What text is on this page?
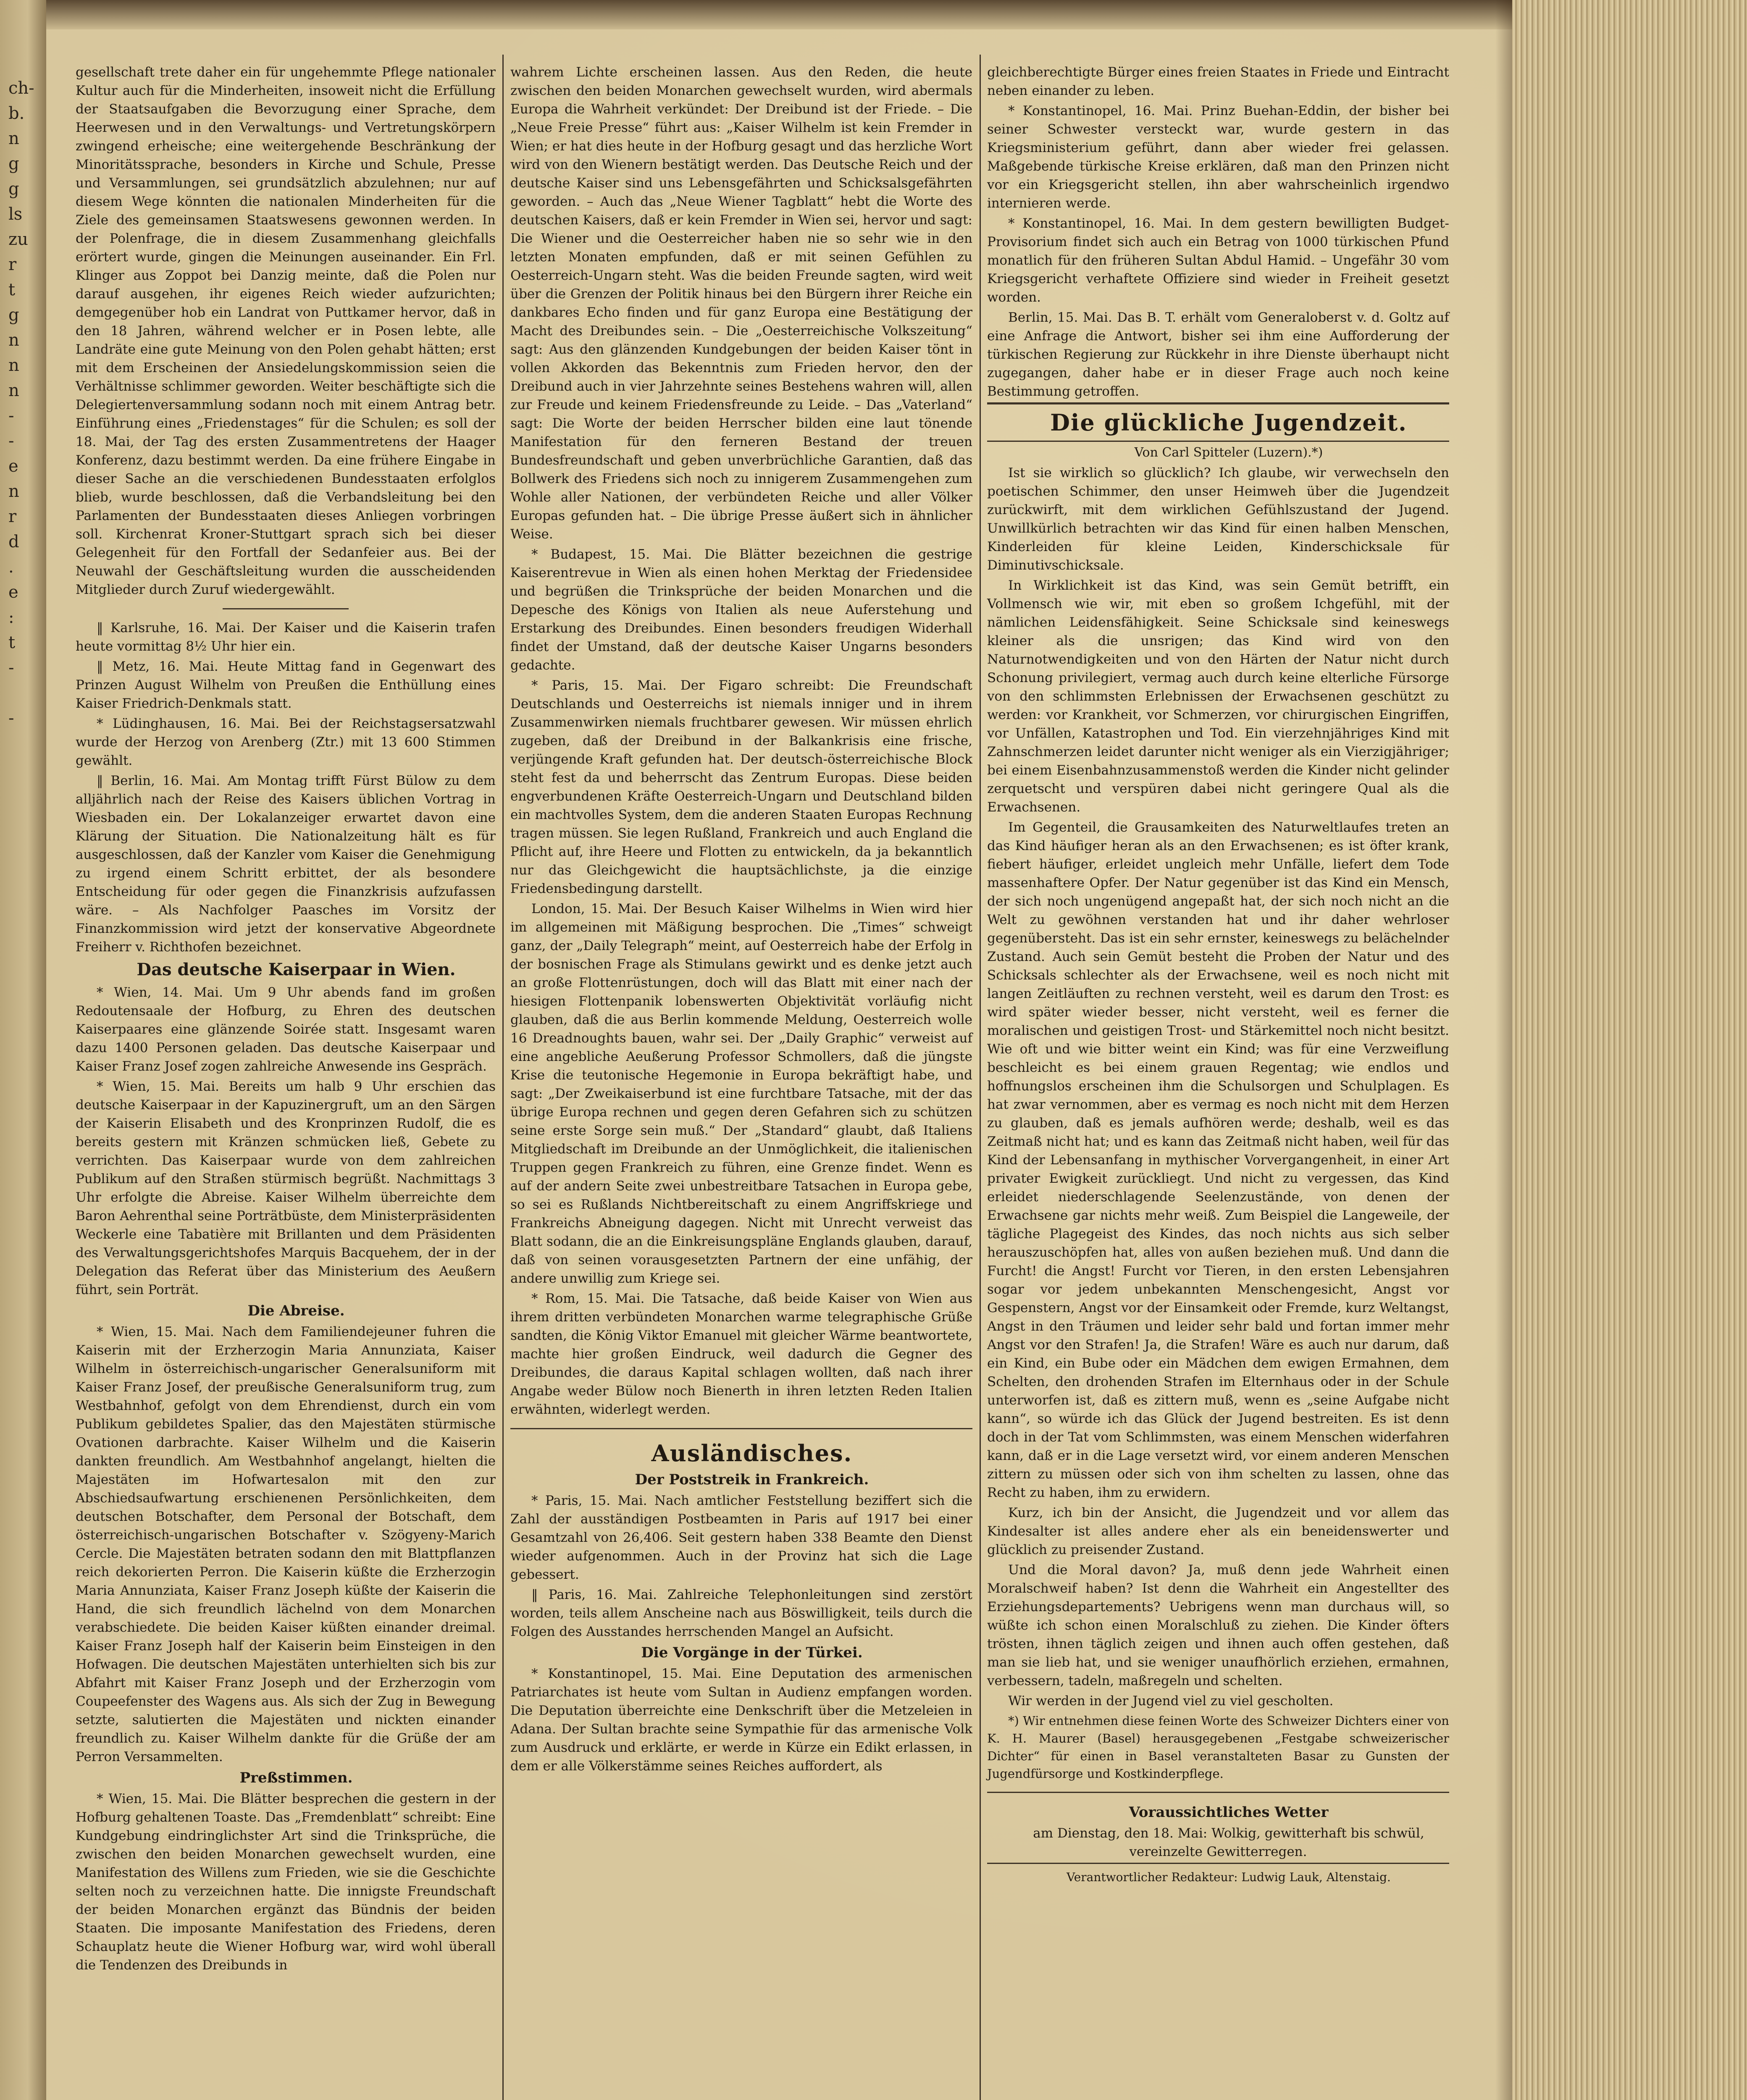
ch-
b.
n
g
g
ls
zu
r
t
g
n
n
n
-
-
e
n
r
d
.
e
:
t
-

-

gesellschaft trete daher ein für ungehemmte Pflege nationaler Kultur auch für die Minderheiten, insoweit nicht die Erfüllung der Staatsaufgaben die Bevorzugung einer Sprache, dem Heerwesen und in den Verwaltungs- und Vertretungskörpern zwingend erheische; eine weitergehende Beschränkung der Minoritätssprache, besonders in Kirche und Schule, Presse und Versammlungen, sei grundsätzlich abzulehnen; nur auf diesem Wege könnten die nationalen Minderheiten für die Ziele des gemeinsamen Staatswesens gewonnen werden. In der Polenfrage, die in diesem Zusammenhang gleichfalls erörtert wurde, gingen die Meinungen auseinander. Ein Frl. Klinger aus Zoppot bei Danzig meinte, daß die Polen nur darauf ausgehen, ihr eigenes Reich wieder aufzurichten; demgegenüber hob ein Landrat von Puttkamer hervor, daß in den 18 Jahren, während welcher er in Posen lebte, alle Landräte eine gute Meinung von den Polen gehabt hätten; erst mit dem Erscheinen der Ansiedelungskommission seien die Verhältnisse schlimmer geworden. Weiter beschäftigte sich die Delegiertenversammlung sodann noch mit einem Antrag betr. Einführung eines „Friedenstages“ für die Schulen; es soll der 18. Mai, der Tag des ersten Zusammentretens der Haager Konferenz, dazu bestimmt werden. Da eine frühere Eingabe in dieser Sache an die verschiedenen Bundesstaaten erfolglos blieb, wurde beschlossen, daß die Verbandsleitung bei den Parlamenten der Bundesstaaten dieses Anliegen vorbringen soll. Kirchenrat Kroner-Stuttgart sprach sich bei dieser Gelegenheit für den Fortfall der Sedanfeier aus. Bei der Neuwahl der Geschäftsleitung wurden die ausscheidenden Mitglieder durch Zuruf wiedergewählt.

‖ Karlsruhe, 16. Mai. Der Kaiser und die Kaiserin trafen heute vormittag 8½ Uhr hier ein.

‖ Metz, 16. Mai. Heute Mittag fand in Gegenwart des Prinzen August Wilhelm von Preußen die Enthüllung eines Kaiser Friedrich-Denkmals statt.

* Lüdinghausen, 16. Mai. Bei der Reichstagsersatzwahl wurde der Herzog von Arenberg (Ztr.) mit 13 600 Stimmen gewählt.

‖ Berlin, 16. Mai. Am Montag trifft Fürst Bülow zu dem alljährlich nach der Reise des Kaisers üblichen Vortrag in Wiesbaden ein. Der Lokalanzeiger erwartet davon eine Klärung der Situation. Die Nationalzeitung hält es für ausgeschlossen, daß der Kanzler vom Kaiser die Genehmigung zu irgend einem Schritt erbittet, der als besondere Entscheidung für oder gegen die Finanzkrisis aufzufassen wäre. – Als Nachfolger Paasches im Vorsitz der Finanzkommission wird jetzt der konservative Abgeordnete Freiherr v. Richthofen bezeichnet.

Das deutsche Kaiserpaar in Wien.

* Wien, 14. Mai. Um 9 Uhr abends fand im großen Redoutensaale der Hofburg, zu Ehren des deutschen Kaiserpaares eine glänzende Soirée statt. Insgesamt waren dazu 1400 Personen geladen. Das deutsche Kaiserpaar und Kaiser Franz Josef zogen zahlreiche Anwesende ins Gespräch.

* Wien, 15. Mai. Bereits um halb 9 Uhr erschien das deutsche Kaiserpaar in der Kapuzinergruft, um an den Särgen der Kaiserin Elisabeth und des Kronprinzen Rudolf, die es bereits gestern mit Kränzen schmücken ließ, Gebete zu verrichten. Das Kaiserpaar wurde von dem zahlreichen Publikum auf den Straßen stürmisch begrüßt. Nachmittags 3 Uhr erfolgte die Abreise. Kaiser Wilhelm überreichte dem Baron Aehrenthal seine Porträtbüste, dem Ministerpräsidenten Weckerle eine Tabatière mit Brillanten und dem Präsidenten des Verwaltungsgerichtshofes Marquis Bacquehem, der in der Delegation das Referat über das Ministerium des Aeußern führt, sein Porträt.

Die Abreise.

* Wien, 15. Mai. Nach dem Familiendejeuner fuhren die Kaiserin mit der Erzherzogin Maria Annunziata, Kaiser Wilhelm in österreichisch-ungarischer Generalsuniform mit Kaiser Franz Josef, der preußische Generalsuniform trug, zum Westbahnhof, gefolgt von dem Ehrendienst, durch ein vom Publikum gebildetes Spalier, das den Majestäten stürmische Ovationen darbrachte. Kaiser Wilhelm und die Kaiserin dankten freundlich. Am Westbahnhof angelangt, hielten die Majestäten im Hofwartesalon mit den zur Abschiedsaufwartung erschienenen Persönlichkeiten, dem deutschen Botschafter, dem Personal der Botschaft, dem österreichisch-ungarischen Botschafter v. Szögyeny-Marich Cercle. Die Majestäten betraten sodann den mit Blattpflanzen reich dekorierten Perron. Die Kaiserin küßte die Erzherzogin Maria Annunziata, Kaiser Franz Joseph küßte der Kaiserin die Hand, die sich freundlich lächelnd von dem Monarchen verabschiedete. Die beiden Kaiser küßten einander dreimal. Kaiser Franz Joseph half der Kaiserin beim Einsteigen in den Hofwagen. Die deutschen Majestäten unterhielten sich bis zur Abfahrt mit Kaiser Franz Joseph und der Erzherzogin vom Coupeefenster des Wagens aus. Als sich der Zug in Bewegung setzte, salutierten die Majestäten und nickten einander freundlich zu. Kaiser Wilhelm dankte für die Grüße der am Perron Versammelten.

Preßstimmen.

* Wien, 15. Mai. Die Blätter besprechen die gestern in der Hofburg gehaltenen Toaste. Das „Fremdenblatt“ schreibt: Eine Kundgebung eindringlichster Art sind die Trinksprüche, die zwischen den beiden Monarchen gewechselt wurden, eine Manifestation des Willens zum Frieden, wie sie die Geschichte selten noch zu verzeichnen hatte. Die innigste Freundschaft der beiden Monarchen ergänzt das Bündnis der beiden Staaten. Die imposante Manifestation des Friedens, deren Schauplatz heute die Wiener Hofburg war, wird wohl überall die Tendenzen des Dreibunds in

wahrem Lichte erscheinen lassen. Aus den Reden, die heute zwischen den beiden Monarchen gewechselt wurden, wird abermals Europa die Wahrheit verkündet: Der Dreibund ist der Friede. – Die „Neue Freie Presse“ führt aus: „Kaiser Wilhelm ist kein Fremder in Wien; er hat dies heute in der Hofburg gesagt und das herzliche Wort wird von den Wienern bestätigt werden. Das Deutsche Reich und der deutsche Kaiser sind uns Lebensgefährten und Schicksalsgefährten geworden. – Auch das „Neue Wiener Tagblatt“ hebt die Worte des deutschen Kaisers, daß er kein Fremder in Wien sei, hervor und sagt: Die Wiener und die Oesterreicher haben nie so sehr wie in den letzten Monaten empfunden, daß er mit seinen Gefühlen zu Oesterreich-Ungarn steht. Was die beiden Freunde sagten, wird weit über die Grenzen der Politik hinaus bei den Bürgern ihrer Reiche ein dankbares Echo finden und für ganz Europa eine Bestätigung der Macht des Dreibundes sein. – Die „Oesterreichische Volkszeitung“ sagt: Aus den glänzenden Kundgebungen der beiden Kaiser tönt in vollen Akkorden das Bekenntnis zum Frieden hervor, den der Dreibund auch in vier Jahrzehnte seines Bestehens wahren will, allen zur Freude und keinem Friedensfreunde zu Leide. – Das „Vaterland“ sagt: Die Worte der beiden Herrscher bilden eine laut tönende Manifestation für den ferneren Bestand der treuen Bundesfreundschaft und geben unverbrüchliche Garantien, daß das Bollwerk des Friedens sich noch zu innigerem Zusammengehen zum Wohle aller Nationen, der verbündeten Reiche und aller Völker Europas gefunden hat. – Die übrige Presse äußert sich in ähnlicher Weise.

* Budapest, 15. Mai. Die Blätter bezeichnen die gestrige Kaiserentrevue in Wien als einen hohen Merktag der Friedensidee und begrüßen die Trinksprüche der beiden Monarchen und die Depesche des Königs von Italien als neue Auferstehung und Erstarkung des Dreibundes. Einen besonders freudigen Widerhall findet der Umstand, daß der deutsche Kaiser Ungarns besonders gedachte.

* Paris, 15. Mai. Der Figaro schreibt: Die Freundschaft Deutschlands und Oesterreichs ist niemals inniger und in ihrem Zusammenwirken niemals fruchtbarer gewesen. Wir müssen ehrlich zugeben, daß der Dreibund in der Balkankrisis eine frische, verjüngende Kraft gefunden hat. Der deutsch-österreichische Block steht fest da und beherrscht das Zentrum Europas. Diese beiden engverbundenen Kräfte Oesterreich-Ungarn und Deutschland bilden ein machtvolles System, dem die anderen Staaten Europas Rechnung tragen müssen. Sie legen Rußland, Frankreich und auch England die Pflicht auf, ihre Heere und Flotten zu entwickeln, da ja bekanntlich nur das Gleichgewicht die hauptsächlichste, ja die einzige Friedensbedingung darstellt.

London, 15. Mai. Der Besuch Kaiser Wilhelms in Wien wird hier im allgemeinen mit Mäßigung besprochen. Die „Times“ schweigt ganz, der „Daily Telegraph“ meint, auf Oesterreich habe der Erfolg in der bosnischen Frage als Stimulans gewirkt und es denke jetzt auch an große Flottenrüstungen, doch will das Blatt mit einer nach der hiesigen Flottenpanik lobenswerten Objektivität vorläufig nicht glauben, daß die aus Berlin kommende Meldung, Oesterreich wolle 16 Dreadnoughts bauen, wahr sei. Der „Daily Graphic“ verweist auf eine angebliche Aeußerung Professor Schmollers, daß die jüngste Krise die teutonische Hegemonie in Europa bekräftigt habe, und sagt: „Der Zweikaiserbund ist eine furchtbare Tatsache, mit der das übrige Europa rechnen und gegen deren Gefahren sich zu schützen seine erste Sorge sein muß.“ Der „Standard“ glaubt, daß Italiens Mitgliedschaft im Dreibunde an der Unmöglichkeit, die italienischen Truppen gegen Frankreich zu führen, eine Grenze findet. Wenn es auf der andern Seite zwei unbestreitbare Tatsachen in Europa gebe, so sei es Rußlands Nichtbereitschaft zu einem Angriffskriege und Frankreichs Abneigung dagegen. Nicht mit Unrecht verweist das Blatt sodann, die an die Einkreisungspläne Englands glauben, darauf, daß von seinen vorausgesetzten Partnern der eine unfähig, der andere unwillig zum Kriege sei.

* Rom, 15. Mai. Die Tatsache, daß beide Kaiser von Wien aus ihrem dritten verbündeten Monarchen warme telegraphische Grüße sandten, die König Viktor Emanuel mit gleicher Wärme beantwortete, machte hier großen Eindruck, weil dadurch die Gegner des Dreibundes, die daraus Kapital schlagen wollten, daß nach ihrer Angabe weder Bülow noch Bienerth in ihren letzten Reden Italien erwähnten, widerlegt werden.

Ausländisches.

Der Poststreik in Frankreich.

* Paris, 15. Mai. Nach amtlicher Feststellung beziffert sich die Zahl der ausständigen Postbeamten in Paris auf 1917 bei einer Gesamtzahl von 26,406. Seit gestern haben 338 Beamte den Dienst wieder aufgenommen. Auch in der Provinz hat sich die Lage gebessert.

‖ Paris, 16. Mai. Zahlreiche Telephonleitungen sind zerstört worden, teils allem Anscheine nach aus Böswilligkeit, teils durch die Folgen des Ausstandes herrschenden Mangel an Aufsicht.

Die Vorgänge in der Türkei.

* Konstantinopel, 15. Mai. Eine Deputation des armenischen Patriarchates ist heute vom Sultan in Audienz empfangen worden. Die Deputation überreichte eine Denkschrift über die Metzeleien in Adana. Der Sultan brachte seine Sympathie für das armenische Volk zum Ausdruck und erklärte, er werde in Kürze ein Edikt erlassen, in dem er alle Völkerstämme seines Reiches auffordert, als

gleichberechtigte Bürger eines freien Staates in Friede und Eintracht neben einander zu leben.

* Konstantinopel, 16. Mai. Prinz Buehan-Eddin, der bisher bei seiner Schwester versteckt war, wurde gestern in das Kriegsministerium geführt, dann aber wieder frei gelassen. Maßgebende türkische Kreise erklären, daß man den Prinzen nicht vor ein Kriegsgericht stellen, ihn aber wahrscheinlich irgendwo internieren werde.

* Konstantinopel, 16. Mai. In dem gestern bewilligten Budget-Provisorium findet sich auch ein Betrag von 1000 türkischen Pfund monatlich für den früheren Sultan Abdul Hamid. – Ungefähr 30 vom Kriegsgericht verhaftete Offiziere sind wieder in Freiheit gesetzt worden.

Berlin, 15. Mai. Das B. T. erhält vom Generaloberst v. d. Goltz auf eine Anfrage die Antwort, bisher sei ihm eine Aufforderung der türkischen Regierung zur Rückkehr in ihre Dienste überhaupt nicht zugegangen, daher habe er in dieser Frage auch noch keine Bestimmung getroffen.

Die glückliche Jugendzeit.

Von Carl Spitteler (Luzern).*)

Ist sie wirklich so glücklich? Ich glaube, wir verwechseln den poetischen Schimmer, den unser Heimweh über die Jugendzeit zurückwirft, mit dem wirklichen Gefühlszustand der Jugend. Unwillkürlich betrachten wir das Kind für einen halben Menschen, Kinderleiden für kleine Leiden, Kinderschicksale für Diminutivschicksale.

In Wirklichkeit ist das Kind, was sein Gemüt betrifft, ein Vollmensch wie wir, mit eben so großem Ichgefühl, mit der nämlichen Leidensfähigkeit. Seine Schicksale sind keineswegs kleiner als die unsrigen; das Kind wird von den Naturnotwendigkeiten und von den Härten der Natur nicht durch Schonung privilegiert, vermag auch durch keine elterliche Fürsorge von den schlimmsten Erlebnissen der Erwachsenen geschützt zu werden: vor Krankheit, vor Schmerzen, vor chirurgischen Eingriffen, vor Unfällen, Katastrophen und Tod. Ein vierzehnjähriges Kind mit Zahnschmerzen leidet darunter nicht weniger als ein Vierzigjähriger; bei einem Eisenbahnzusammenstoß werden die Kinder nicht gelinder zerquetscht und verspüren dabei nicht geringere Qual als die Erwachsenen.

Im Gegenteil, die Grausamkeiten des Naturweltlaufes treten an das Kind häufiger heran als an den Erwachsenen; es ist öfter krank, fiebert häufiger, erleidet ungleich mehr Unfälle, liefert dem Tode massenhaftere Opfer. Der Natur gegenüber ist das Kind ein Mensch, der sich noch ungenügend angepaßt hat, der sich noch nicht an die Welt zu gewöhnen verstanden hat und ihr daher wehrloser gegenübersteht. Das ist ein sehr ernster, keineswegs zu belächelnder Zustand. Auch sein Gemüt besteht die Proben der Natur und des Schicksals schlechter als der Erwachsene, weil es noch nicht mit langen Zeitläuften zu rechnen versteht, weil es darum den Trost: es wird später wieder besser, nicht versteht, weil es ferner die moralischen und geistigen Trost- und Stärkemittel noch nicht besitzt. Wie oft und wie bitter weint ein Kind; was für eine Verzweiflung beschleicht es bei einem grauen Regentag; wie endlos und hoffnungslos erscheinen ihm die Schulsorgen und Schulplagen. Es hat zwar vernommen, aber es vermag es noch nicht mit dem Herzen zu glauben, daß es jemals aufhören werde; deshalb, weil es das Zeitmaß nicht hat; und es kann das Zeitmaß nicht haben, weil für das Kind der Lebensanfang in mythischer Vorvergangenheit, in einer Art privater Ewigkeit zurückliegt. Und nicht zu vergessen, das Kind erleidet niederschlagende Seelenzustände, von denen der Erwachsene gar nichts mehr weiß. Zum Beispiel die Langeweile, der tägliche Plagegeist des Kindes, das noch nichts aus sich selber herauszuschöpfen hat, alles von außen beziehen muß. Und dann die Furcht! die Angst! Furcht vor Tieren, in den ersten Lebensjahren sogar vor jedem unbekannten Menschengesicht, Angst vor Gespenstern, Angst vor der Einsamkeit oder Fremde, kurz Weltangst, Angst in den Träumen und leider sehr bald und fortan immer mehr Angst vor den Strafen! Ja, die Strafen! Wäre es auch nur darum, daß ein Kind, ein Bube oder ein Mädchen dem ewigen Ermahnen, dem Schelten, den drohenden Strafen im Elternhaus oder in der Schule unterworfen ist, daß es zittern muß, wenn es „seine Aufgabe nicht kann“, so würde ich das Glück der Jugend bestreiten. Es ist denn doch in der Tat vom Schlimmsten, was einem Menschen widerfahren kann, daß er in die Lage versetzt wird, vor einem anderen Menschen zittern zu müssen oder sich von ihm schelten zu lassen, ohne das Recht zu haben, ihm zu erwidern.

Kurz, ich bin der Ansicht, die Jugendzeit und vor allem das Kindesalter ist alles andere eher als ein beneidenswerter und glücklich zu preisender Zustand.

Und die Moral davon? Ja, muß denn jede Wahrheit einen Moralschweif haben? Ist denn die Wahrheit ein Angestellter des Erziehungsdepartements? Uebrigens wenn man durchaus will, so wüßte ich schon einen Moralschluß zu ziehen. Die Kinder öfters trösten, ihnen täglich zeigen und ihnen auch offen gestehen, daß man sie lieb hat, und sie weniger unaufhörlich erziehen, ermahnen, verbessern, tadeln, maßregeln und schelten.

Wir werden in der Jugend viel zu viel gescholten.

*) Wir entnehmen diese feinen Worte des Schweizer Dichters einer von K. H. Maurer (Basel) herausgegebenen „Festgabe schweizerischer Dichter“ für einen in Basel veranstalteten Basar zu Gunsten der Jugendfürsorge und Kostkinderpflege.

Voraussichtliches Wetter

am Dienstag, den 18. Mai: Wolkig, gewitterhaft bis schwül, vereinzelte Gewitterregen.

Verantwortlicher Redakteur: Ludwig Lauk, Altenstaig.
